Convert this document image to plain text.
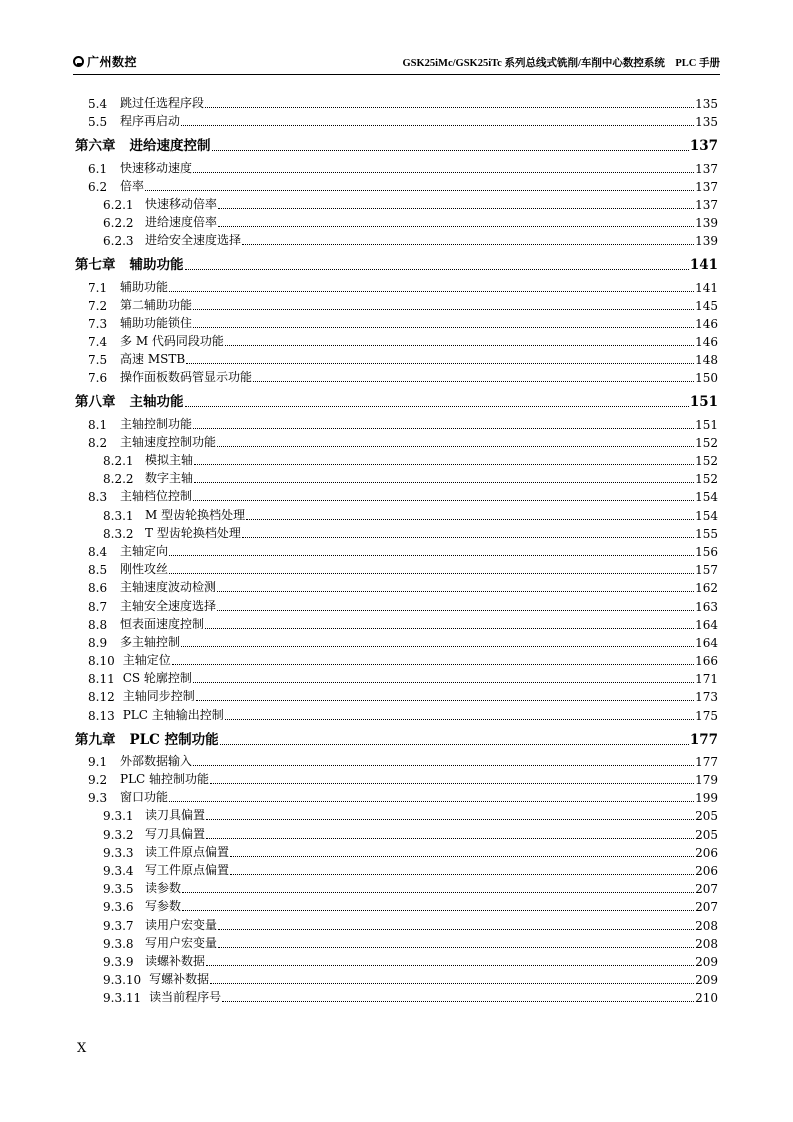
广州数控	GSK25iMc/GSK25iTc 系列总线式铣削/车削中心数控系统　PLC 手册
5.4	跳过任选程序段	135
5.5	程序再启动	135
第六章	进给速度控制	137
6.1	快速移动速度	137
6.2	倍率	137
6.2.1 快速移动倍率	137
6.2.2 进给速度倍率	139
6.2.3 进给安全速度选择	139
第七章	辅助功能	141
7.1	辅助功能	141
7.2	第二辅助功能	145
7.3	辅助功能锁住	146
7.4	多 M 代码同段功能	146
7.5	高速 MSTB	148
7.6	操作面板数码管显示功能	150
第八章	主轴功能	151
8.1	主轴控制功能	151
8.2	主轴速度控制功能	152
8.2.1 模拟主轴	152
8.2.2 数字主轴	152
8.3	主轴档位控制	154
8.3.1 M 型齿轮换档处理	154
8.3.2 T 型齿轮换档处理	155
8.4	主轴定向	156
8.5	刚性攻丝	157
8.6	主轴速度波动检测	162
8.7	主轴安全速度选择	163
8.8	恒表面速度控制	164
8.9	多主轴控制	164
8.10 主轴定位	166
8.11 CS 轮廓控制	171
8.12 主轴同步控制	173
8.13 PLC 主轴输出控制	175
第九章	PLC 控制功能	177
9.1	外部数据输入	177
9.2	PLC 轴控制功能	179
9.3	窗口功能	199
9.3.1 读刀具偏置	205
9.3.2 写刀具偏置	205
9.3.3 读工件原点偏置	206
9.3.4 写工件原点偏置	206
9.3.5 读参数	207
9.3.6 写参数	207
9.3.7 读用户宏变量	208
9.3.8 写用户宏变量	208
9.3.9 读螺补数据	209
9.3.10 写螺补数据	209
9.3.11 读当前程序号	210
X
